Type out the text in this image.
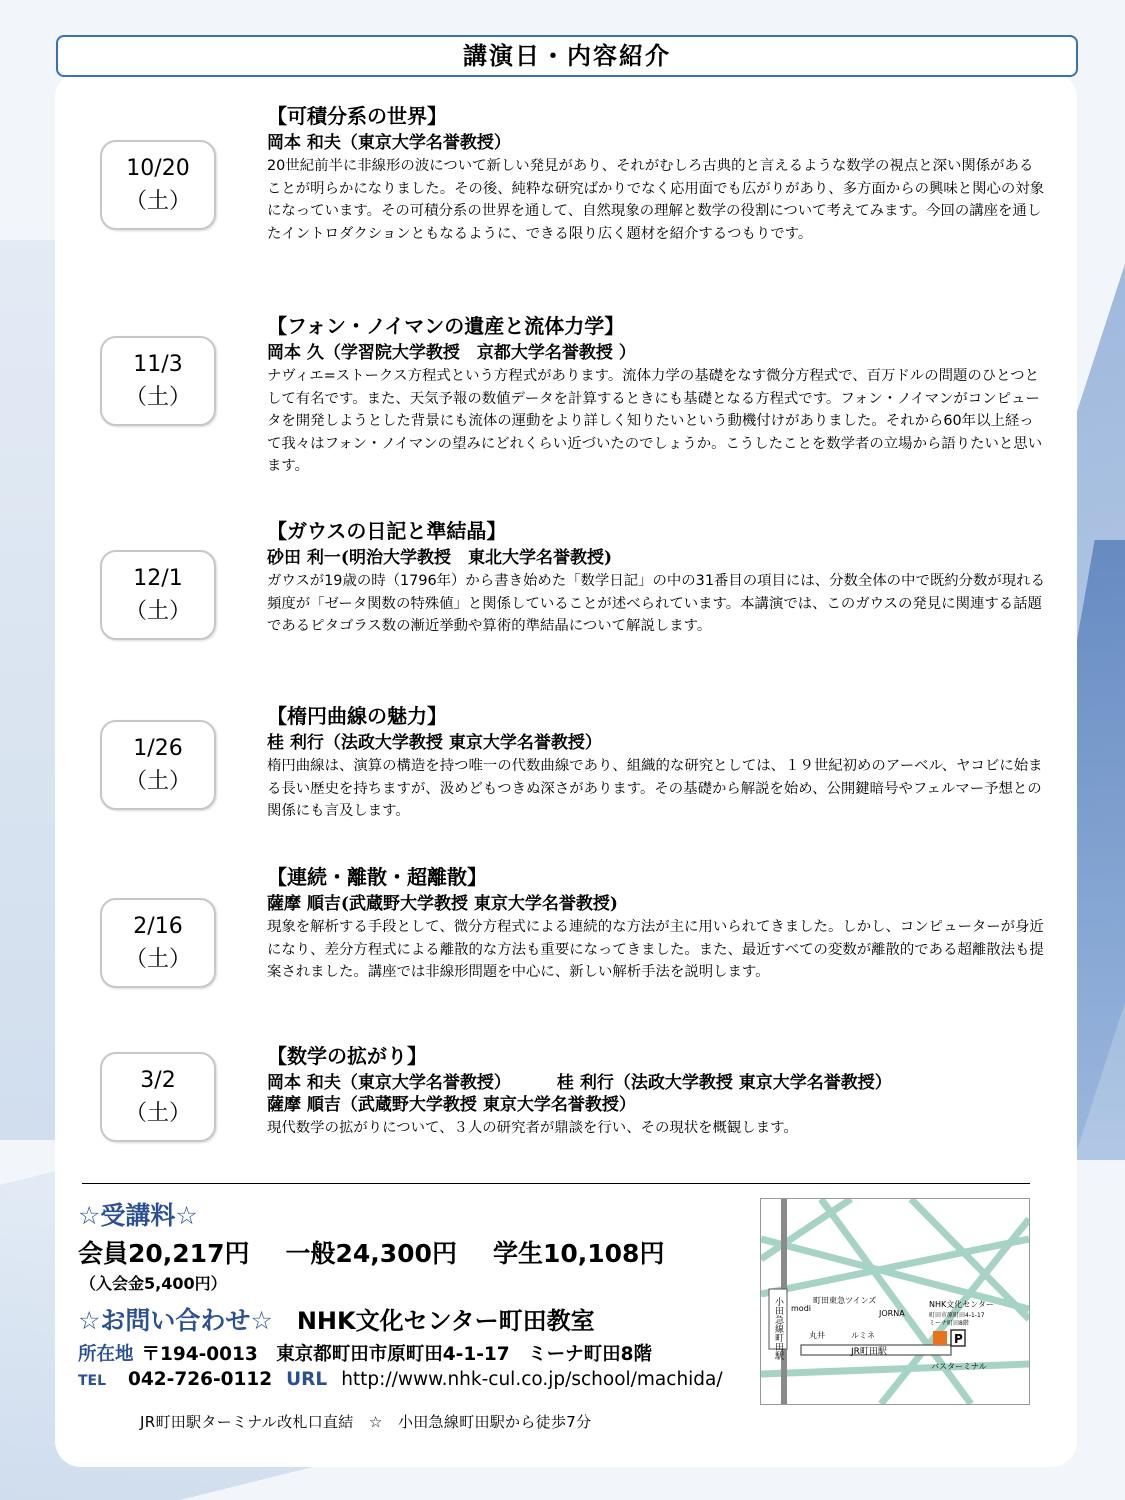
講演日・内容紹介
10/20
（土）
【可積分系の世界】
岡本 和夫（東京大学名誉教授）
20世紀前半に非線形の波について新しい発見があり、それがむしろ古典的と言えるような数学の視点と深い関係があることが明らかになりました。その後、純粋な研究ばかりでなく応用面でも広がりがあり、多方面からの興味と関心の対象になっています。その可積分系の世界を通して、自然現象の理解と数学の役割について考えてみます。今回の講座を通したイントロダクションともなるように、できる限り広く題材を紹介するつもりです。
11/3
（土）
【フォン・ノイマンの遺産と流体力学】
岡本 久（学習院大学教授　京都大学名誉教授 ）
ナヴィエ=ストークス方程式という方程式があります。流体力学の基礎をなす微分方程式で、百万ドルの問題のひとつとして有名です。また、天気予報の数値データを計算するときにも基礎となる方程式です。フォン・ノイマンがコンピュータを開発しようとした背景にも流体の運動をより詳しく知りたいという動機付けがありました。それから60年以上経って我々はフォン・ノイマンの望みにどれくらい近づいたのでしょうか。こうしたことを数学者の立場から語りたいと思います。
12/1
（土）
【ガウスの日記と準結晶】
砂田 利一(明治大学教授　東北大学名誉教授)
ガウスが19歳の時（1796年）から書き始めた「数学日記」の中の31番目の項目には、分数全体の中で既約分数が現れる頻度が「ゼータ関数の特殊値」と関係していることが述べられています。本講演では、このガウスの発見に関連する話題であるピタゴラス数の漸近挙動や算術的準結晶について解説します。
1/26
（土）
【楕円曲線の魅力】
桂 利行（法政大学教授 東京大学名誉教授）
楕円曲線は、演算の構造を持つ唯一の代数曲線であり、組織的な研究としては、１９世紀初めのアーベル、ヤコビに始まる長い歴史を持ちますが、汲めどもつきぬ深さがあります。その基礎から解説を始め、公開鍵暗号やフェルマー予想との関係にも言及します。
2/16
（土）
【連続・離散・超離散】
薩摩 順吉(武蔵野大学教授 東京大学名誉教授)
現象を解析する手段として、微分方程式による連続的な方法が主に用いられてきました。しかし、コンピューターが身近になり、差分方程式による離散的な方法も重要になってきました。また、最近すべての変数が離散的である超離散法も提案されました。講座では非線形問題を中心に、新しい解析手法を説明します。
3/2
（土）
【数学の拡がり】
岡本 和夫（東京大学名誉教授）	桂 利行（法政大学教授 東京大学名誉教授）
薩摩 順吉（武蔵野大学教授 東京大学名誉教授）
現代数学の拡がりについて、３人の研究者が鼎談を行い、その現状を概観します。
☆受講料☆
会員20,217円 一般24,300円 学生10,108円
（入会金5,400円）
☆お問い合わせ☆ NHK文化センター町田教室
所在地 〒194-0013　東京都町田市原町田4-1-17　ミーナ町田8階
TEL 042-726-0112 URL http://www.nhk-cul.co.jp/school/machida/
JR町田駅ターミナル改札口直結　☆　小田急線町田駅から徒歩7分
小田急線町田駅 modi
町田東急ツインズ
JORNA
NHK文化センター
町田市原町田4-1-17
ミーナ町田8階
丸井	ルミネ
JR町田駅
P
バスターミナル
